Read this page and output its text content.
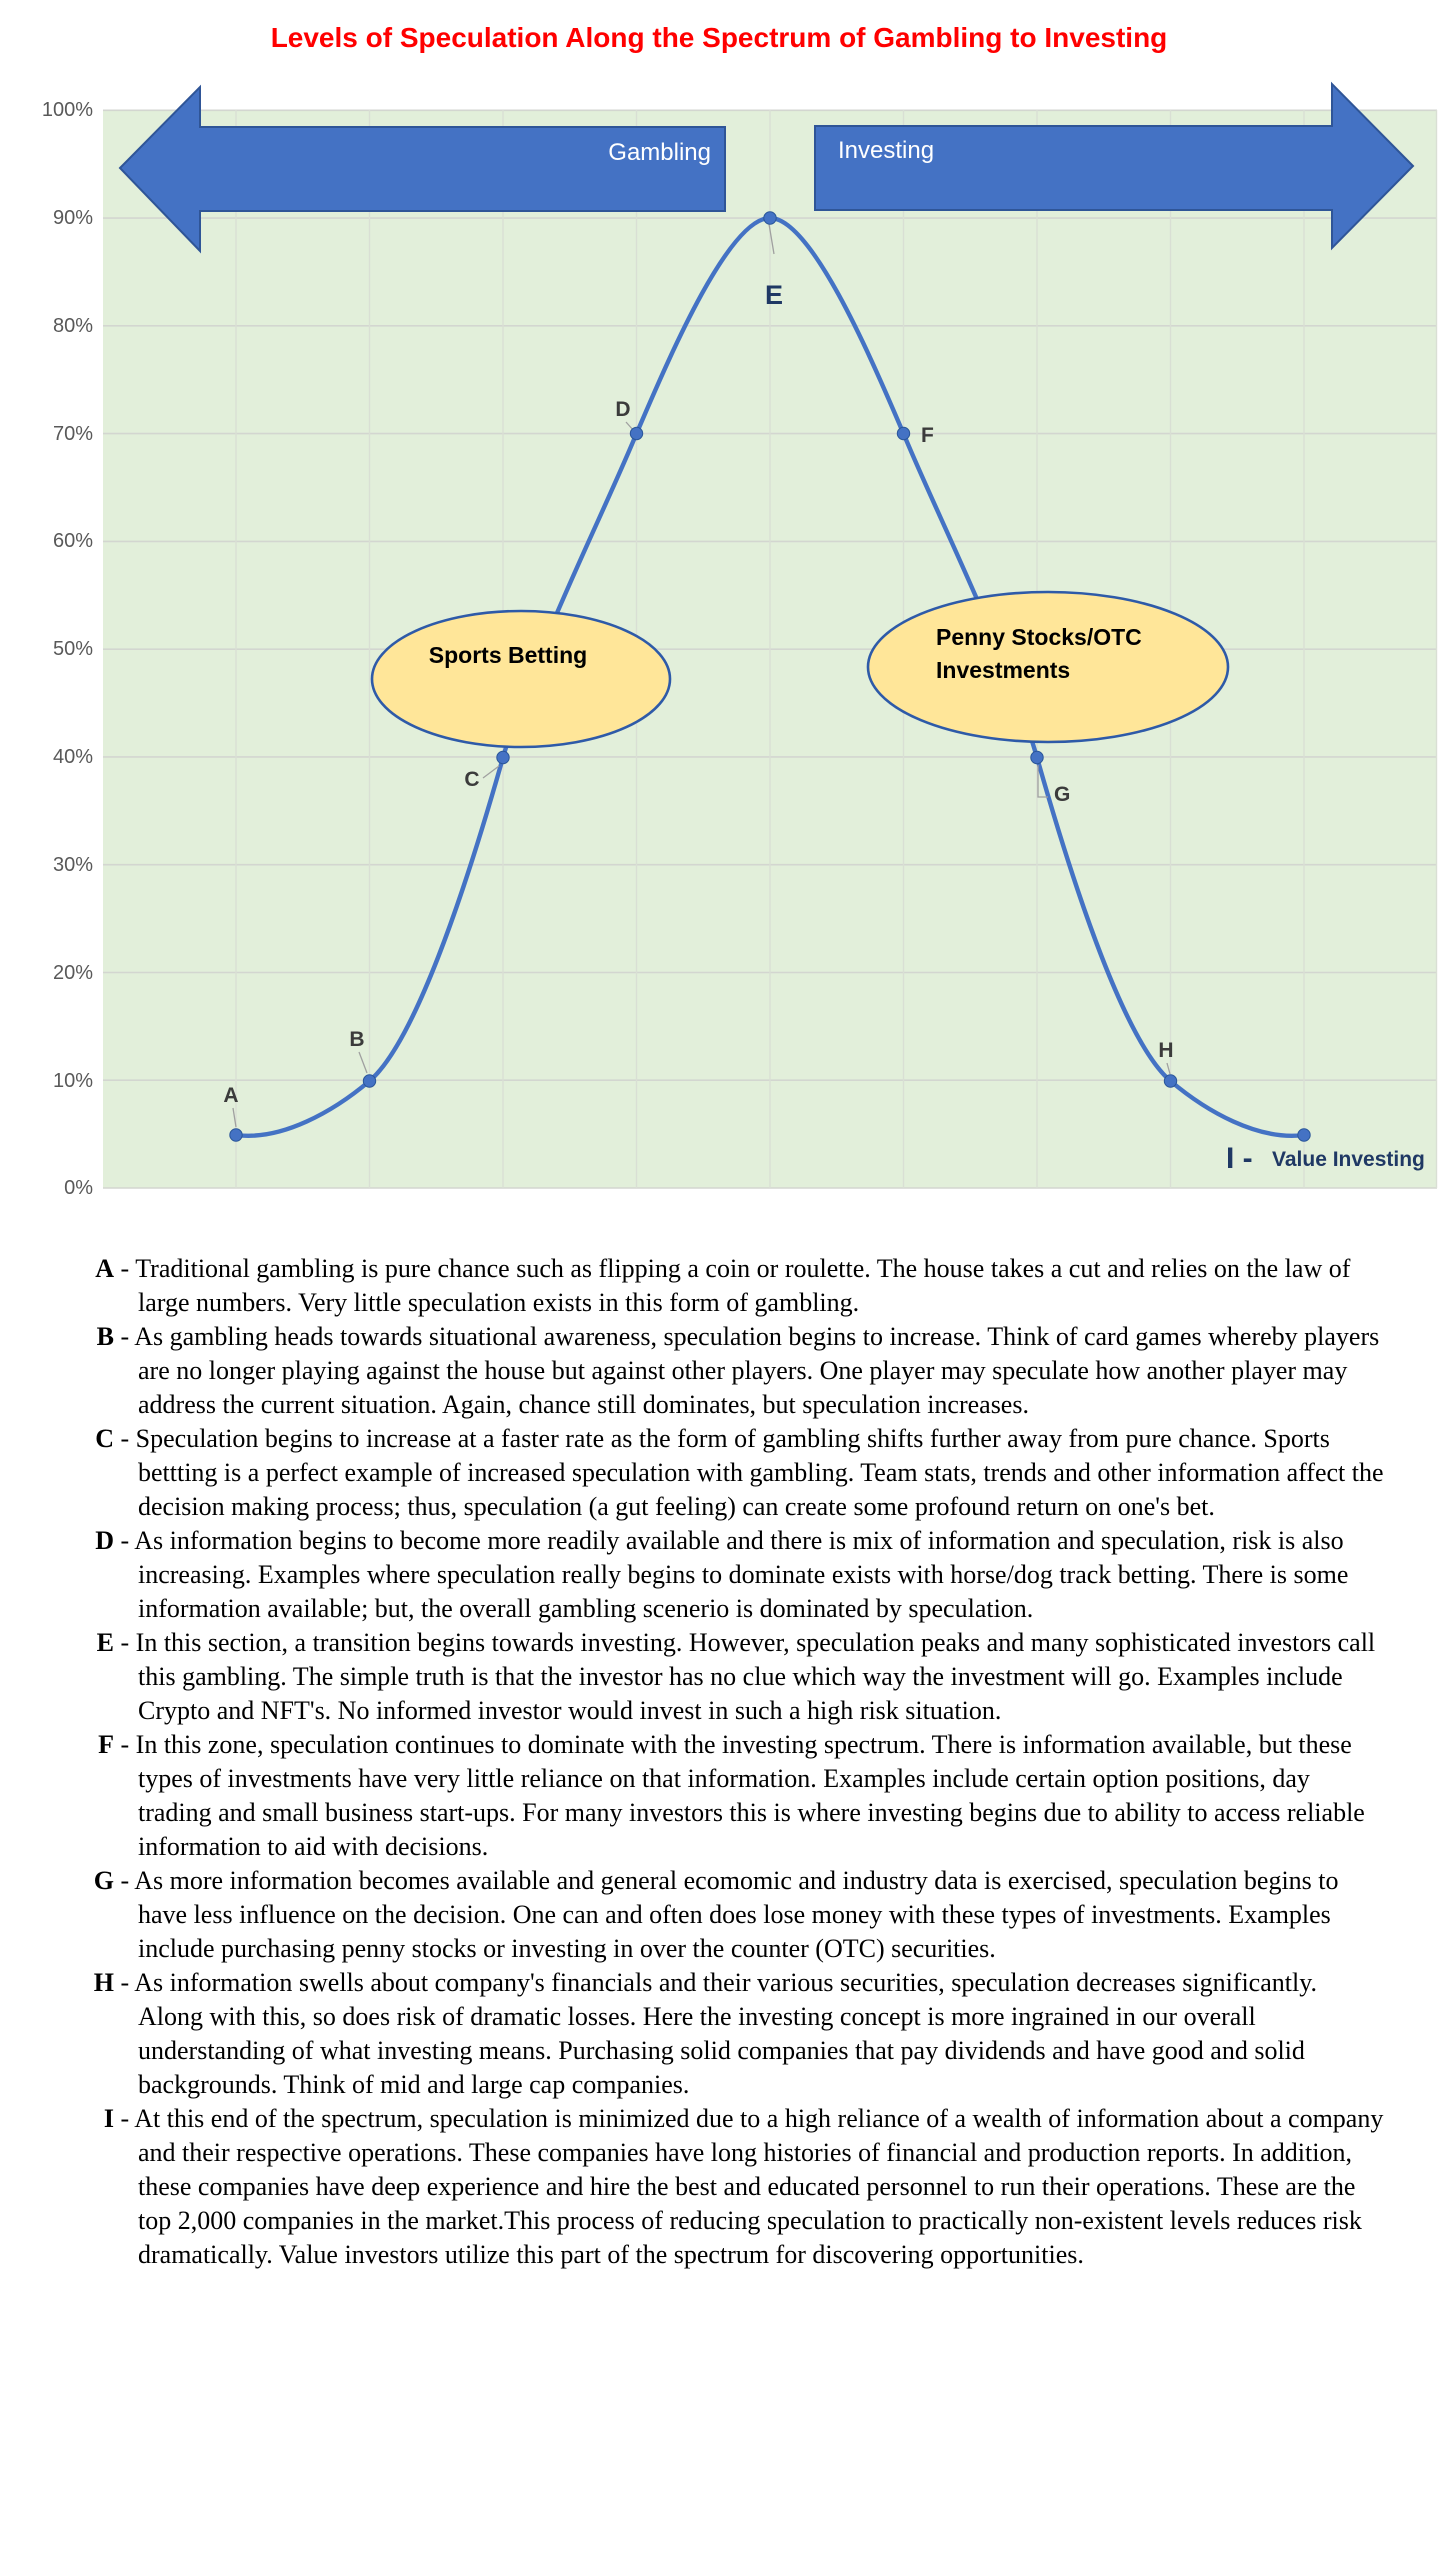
100%
90%
80%
70%
60%
50%
40%
30%
20%
10%
0%
Gambling	Investing
Sports Betting
Penny Stocks/OTC
Investments
A
B
C
D
E
F
G
H
I - Value Investing
Levels of Speculation Along the Spectrum of Gambling to Investing

A - Traditional gambling is pure chance such as flipping a coin or roulette. The house takes a cut and relies on the law of large numbers. Very little speculation exists in this form of gambling.

B - As gambling heads towards situational awareness, speculation begins to increase. Think of card games whereby players are no longer playing against the house but against other players. One player may speculate how another player may address the current situation. Again, chance still dominates, but speculation increases.

C - Speculation begins to increase at a faster rate as the form of gambling shifts further away from pure chance. Sports bettting is a perfect example of increased speculation with gambling. Team stats, trends and other information affect the decision making process; thus, speculation (a gut feeling) can create some profound return on one's bet.

D - As information begins to become more readily available and there is mix of information and speculation, risk is also increasing. Examples where speculation really begins to dominate exists with horse/dog track betting. There is some information available; but, the overall gambling scenerio is dominated by speculation.

E - In this section, a transition begins towards investing. However, speculation peaks and many sophisticated investors call this gambling. The simple truth is that the investor has no clue which way the investment will go. Examples include Crypto and NFT's. No informed investor would invest in such a high risk situation.

F - In this zone, speculation continues to dominate with the investing spectrum. There is information available, but these types of investments have very little reliance on that information. Examples include certain option positions, day trading and small business start-ups. For many investors this is where investing begins due to ability to access reliable information to aid with decisions.

G - As more information becomes available and general ecomomic and industry data is exercised, speculation begins to have less influence on the decision. One can and often does lose money with these types of investments. Examples include purchasing penny stocks or investing in over the counter (OTC) securities.

H - As information swells about company's financials and their various securities, speculation decreases significantly. Along with this, so does risk of dramatic losses. Here the investing concept is more ingrained in our overall understanding of what investing means. Purchasing solid companies that pay dividends and have good and solid backgrounds. Think of mid and large cap companies.

I - At this end of the spectrum, speculation is minimized due to a high reliance of a wealth of information about a company and their respective operations. These companies have long histories of financial and production reports. In addition, these companies have deep experience and hire the best and educated personnel to run their operations. These are the top 2,000 companies in the market.This process of reducing speculation to practically non-existent levels reduces risk dramatically. Value investors utilize this part of the spectrum for discovering opportunities.
